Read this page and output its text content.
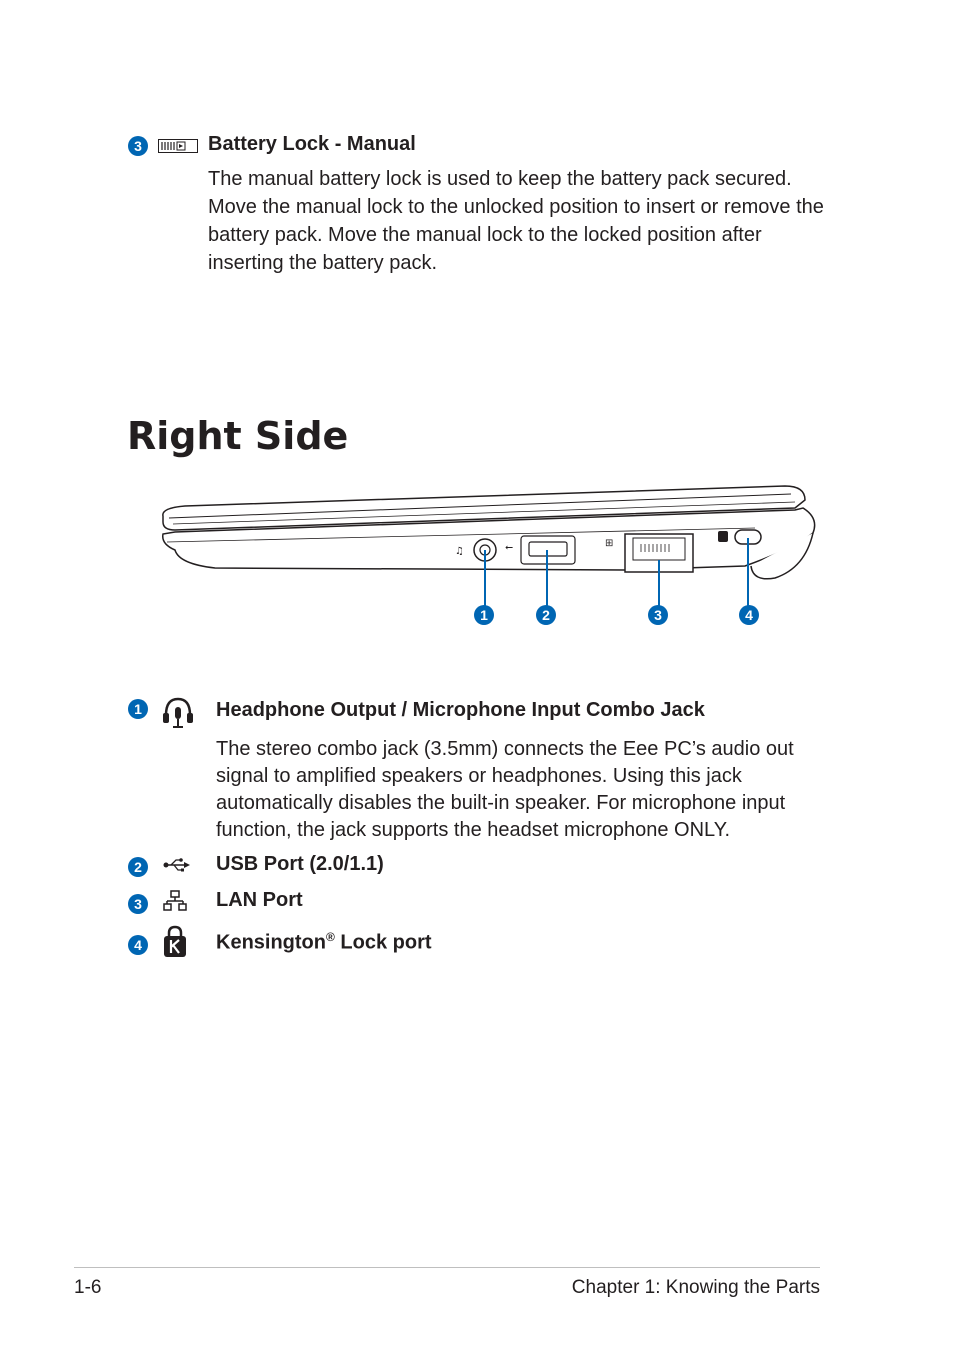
3	Battery Lock - Manual
The manual battery lock is used to keep the battery pack secured. Move the manual lock to the unlocked position to insert or remove the battery pack. Move the manual lock to the locked position after inserting the battery pack.
Right Side
♫	⭠	⊞
1	2	3	4
1	Headphone Output / Microphone Input Combo Jack
The stereo combo jack (3.5mm) connects the Eee PC’s audio out signal to amplified speakers or headphones. Using this jack automatically disables the built-in speaker. For microphone input function, the jack supports the headset microphone ONLY.
2	USB Port (2.0/1.1)
3	LAN Port
4	Kensington® Lock port
1-6	Chapter 1: Knowing the Parts
